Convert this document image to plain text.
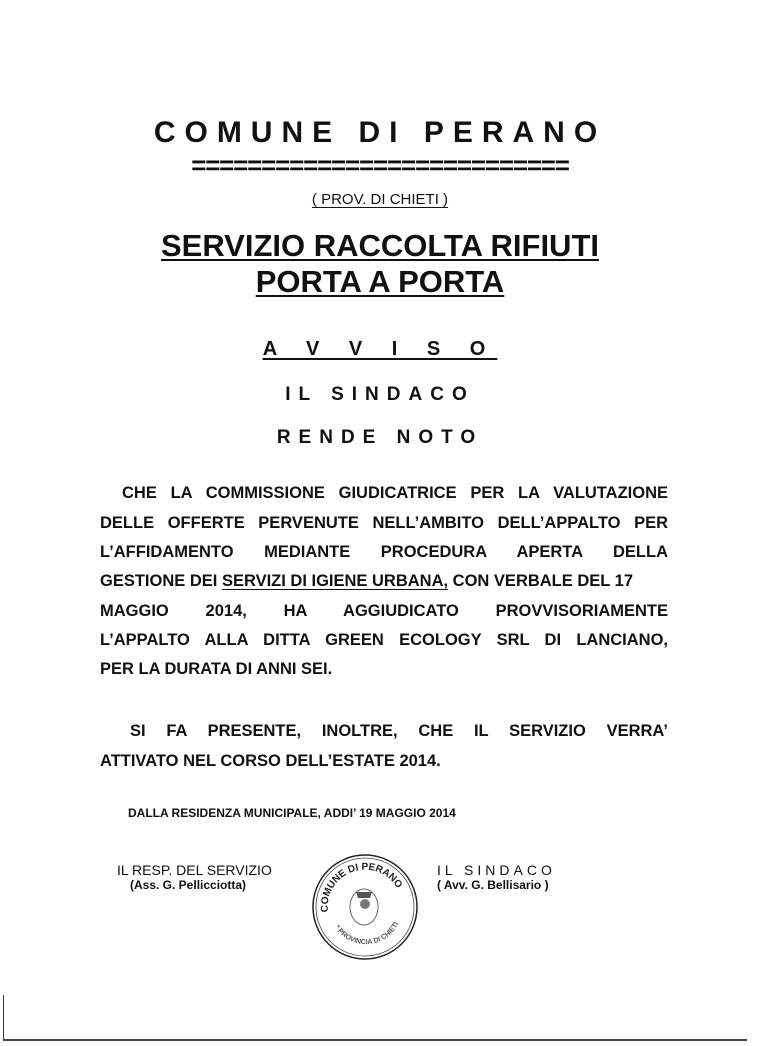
COMUNE DI PERANO
===========================
( PROV. DI CHIETI )
SERVIZIO RACCOLTA RIFIUTI
PORTA A PORTA
A V V I S O
IL SINDACO
RENDE NOTO
CHE LA COMMISSIONE GIUDICATRICE PER LA VALUTAZIONE
DELLE OFFERTE PERVENUTE NELL’AMBITO DELL’APPALTO PER
L’AFFIDAMENTO MEDIANTE PROCEDURA APERTA DELLA
GESTIONE DEI SERVIZI DI IGIENE URBANA, CON VERBALE DEL 17
MAGGIO 2014, HA AGGIUDICATO PROVVISORIAMENTE
L’APPALTO ALLA DITTA GREEN ECOLOGY SRL DI LANCIANO,
PER LA DURATA DI ANNI SEI.
SI FA PRESENTE, INOLTRE, CHE IL SERVIZIO VERRA’
ATTIVATO NEL CORSO DELL’ESTATE 2014.
DALLA RESIDENZA MUNICIPALE, ADDI’ 19 MAGGIO 2014
IL RESP. DEL SERVIZIO
(Ass. G. Pellicciotta)
IL SINDACO
( Avv. G. Bellisario )
COMUNE DI PERANO
* PROVINCIA DI CHIETI
